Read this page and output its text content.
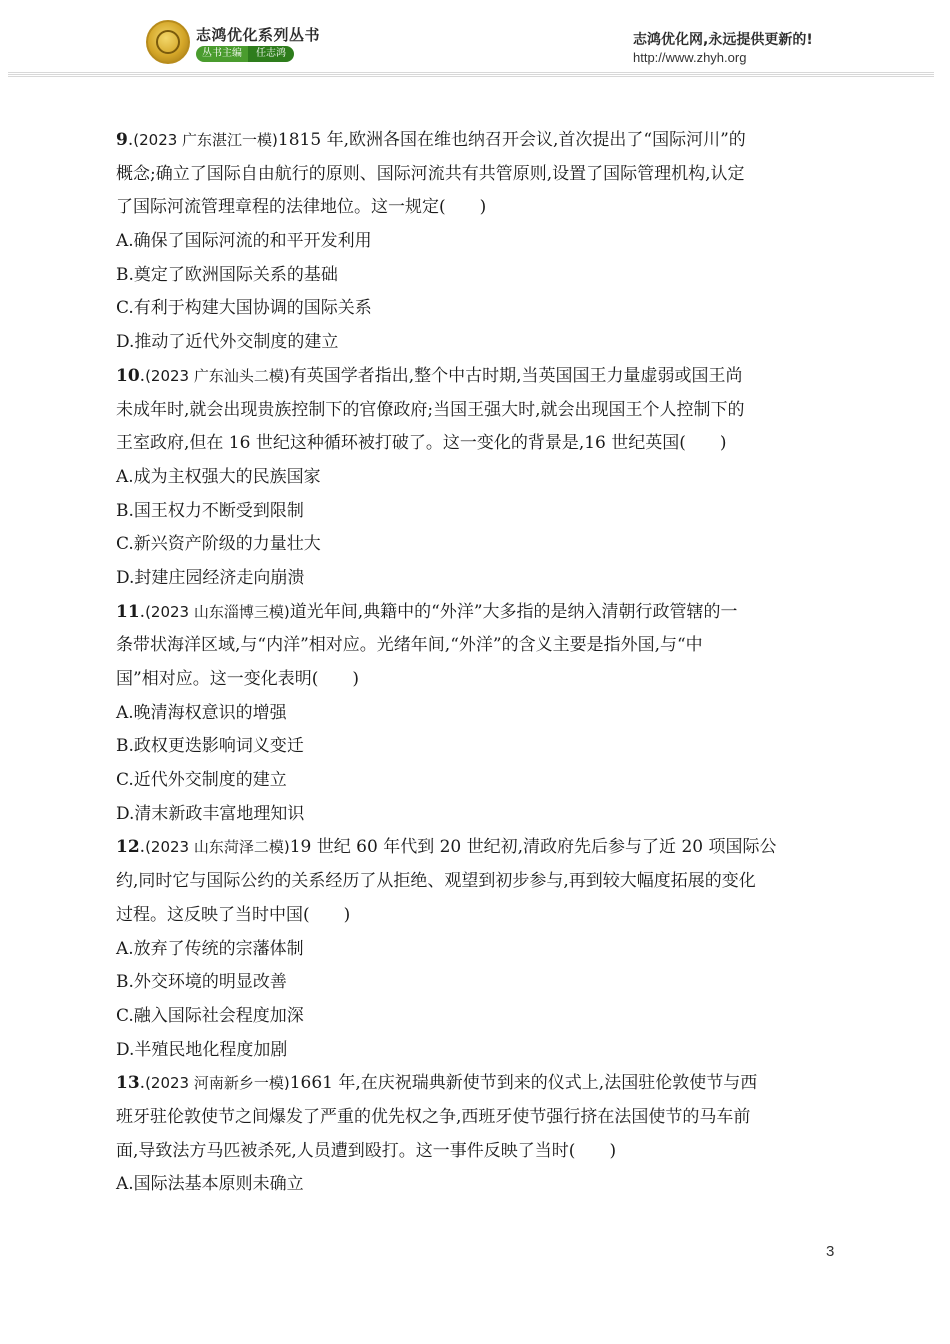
志鸿优化系列丛书
丛书主编	任志鸿
志鸿优化网,永远提供更新的!
http://www.zhyh.org
9.(2023 广东湛江一模)1815 年,欧洲各国在维也纳召开会议,首次提出了“国际河川”的
概念;确立了国际自由航行的原则、国际河流共有共管原则,设置了国际管理机构,认定
了国际河流管理章程的法律地位。这一规定(　　)
A.确保了国际河流的和平开发利用
B.奠定了欧洲国际关系的基础
C.有利于构建大国协调的国际关系
D.推动了近代外交制度的建立
10.(2023 广东汕头二模)有英国学者指出,整个中古时期,当英国国王力量虚弱或国王尚
未成年时,就会出现贵族控制下的官僚政府;当国王强大时,就会出现国王个人控制下的
王室政府,但在 16 世纪这种循环被打破了。这一变化的背景是,16 世纪英国(　　)
A.成为主权强大的民族国家
B.国王权力不断受到限制
C.新兴资产阶级的力量壮大
D.封建庄园经济走向崩溃
11.(2023 山东淄博三模)道光年间,典籍中的“外洋”大多指的是纳入清朝行政管辖的一
条带状海洋区域,与“内洋”相对应。光绪年间,“外洋”的含义主要是指外国,与“中
国”相对应。这一变化表明(　　)
A.晚清海权意识的增强
B.政权更迭影响词义变迁
C.近代外交制度的建立
D.清末新政丰富地理知识
12.(2023 山东菏泽二模)19 世纪 60 年代到 20 世纪初,清政府先后参与了近 20 项国际公
约,同时它与国际公约的关系经历了从拒绝、观望到初步参与,再到较大幅度拓展的变化
过程。这反映了当时中国(　　)
A.放弃了传统的宗藩体制
B.外交环境的明显改善
C.融入国际社会程度加深
D.半殖民地化程度加剧
13.(2023 河南新乡一模)1661 年,在庆祝瑞典新使节到来的仪式上,法国驻伦敦使节与西
班牙驻伦敦使节之间爆发了严重的优先权之争,西班牙使节强行挤在法国使节的马车前
面,导致法方马匹被杀死,人员遭到殴打。这一事件反映了当时(　　)
A.国际法基本原则未确立
3
